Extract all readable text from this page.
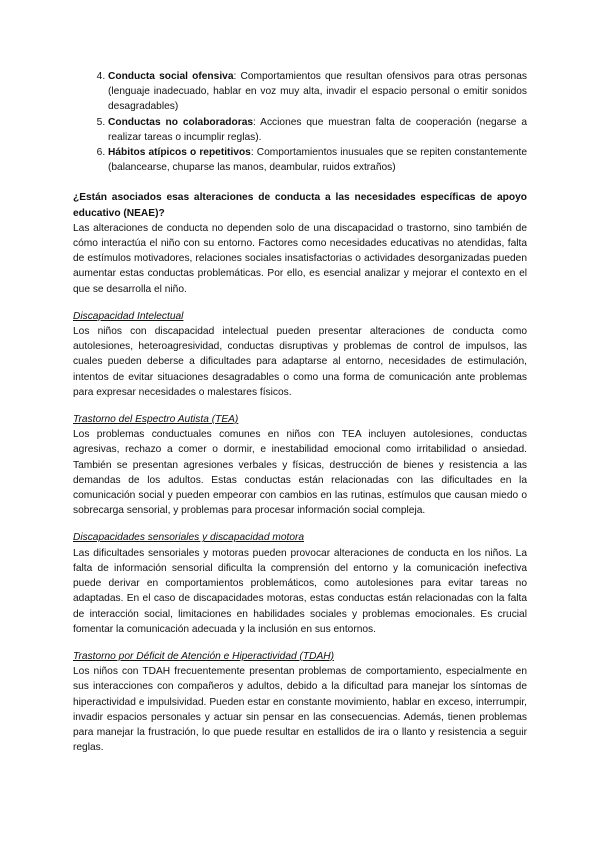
4. Conducta social ofensiva: Comportamientos que resultan ofensivos para otras personas (lenguaje inadecuado, hablar en voz muy alta, invadir el espacio personal o emitir sonidos desagradables)
5. Conductas no colaboradoras: Acciones que muestran falta de cooperación (negarse a realizar tareas o incumplir reglas).
6. Hábitos atípicos o repetitivos: Comportamientos inusuales que se repiten constantemente (balancearse, chuparse las manos, deambular, ruidos extraños)

¿Están asociados esas alteraciones de conducta a las necesidades específicas de apoyo educativo (NEAE)?

Las alteraciones de conducta no dependen solo de una discapacidad o trastorno, sino también de cómo interactúa el niño con su entorno. Factores como necesidades educativas no atendidas, falta de estímulos motivadores, relaciones sociales insatisfactorias o actividades desorganizadas pueden aumentar estas conductas problemáticas. Por ello, es esencial analizar y mejorar el contexto en el que se desarrolla el niño.

Discapacidad Intelectual

Los niños con discapacidad intelectual pueden presentar alteraciones de conducta como autolesiones, heteroagresividad, conductas disruptivas y problemas de control de impulsos, las cuales pueden deberse a dificultades para adaptarse al entorno, necesidades de estimulación, intentos de evitar situaciones desagradables o como una forma de comunicación ante problemas para expresar necesidades o malestares físicos.

Trastorno del Espectro Autista (TEA)

Los problemas conductuales comunes en niños con TEA incluyen autolesiones, conductas agresivas, rechazo a comer o dormir, e inestabilidad emocional como irritabilidad o ansiedad. También se presentan agresiones verbales y físicas, destrucción de bienes y resistencia a las demandas de los adultos. Estas conductas están relacionadas con las dificultades en la comunicación social y pueden empeorar con cambios en las rutinas, estímulos que causan miedo o sobrecarga sensorial, y problemas para procesar información social compleja.

Discapacidades sensoriales y discapacidad motora

Las dificultades sensoriales y motoras pueden provocar alteraciones de conducta en los niños. La falta de información sensorial dificulta la comprensión del entorno y la comunicación inefectiva puede derivar en comportamientos problemáticos, como autolesiones para evitar tareas no adaptadas. En el caso de discapacidades motoras, estas conductas están relacionadas con la falta de interacción social, limitaciones en habilidades sociales y problemas emocionales. Es crucial fomentar la comunicación adecuada y la inclusión en sus entornos.

Trastorno por Déficit de Atención e Hiperactividad (TDAH)

Los niños con TDAH frecuentemente presentan problemas de comportamiento, especialmente en sus interacciones con compañeros y adultos, debido a la dificultad para manejar los síntomas de hiperactividad e impulsividad. Pueden estar en constante movimiento, hablar en exceso, interrumpir, invadir espacios personales y actuar sin pensar en las consecuencias. Además, tienen problemas para manejar la frustración, lo que puede resultar en estallidos de ira o llanto y resistencia a seguir reglas.
